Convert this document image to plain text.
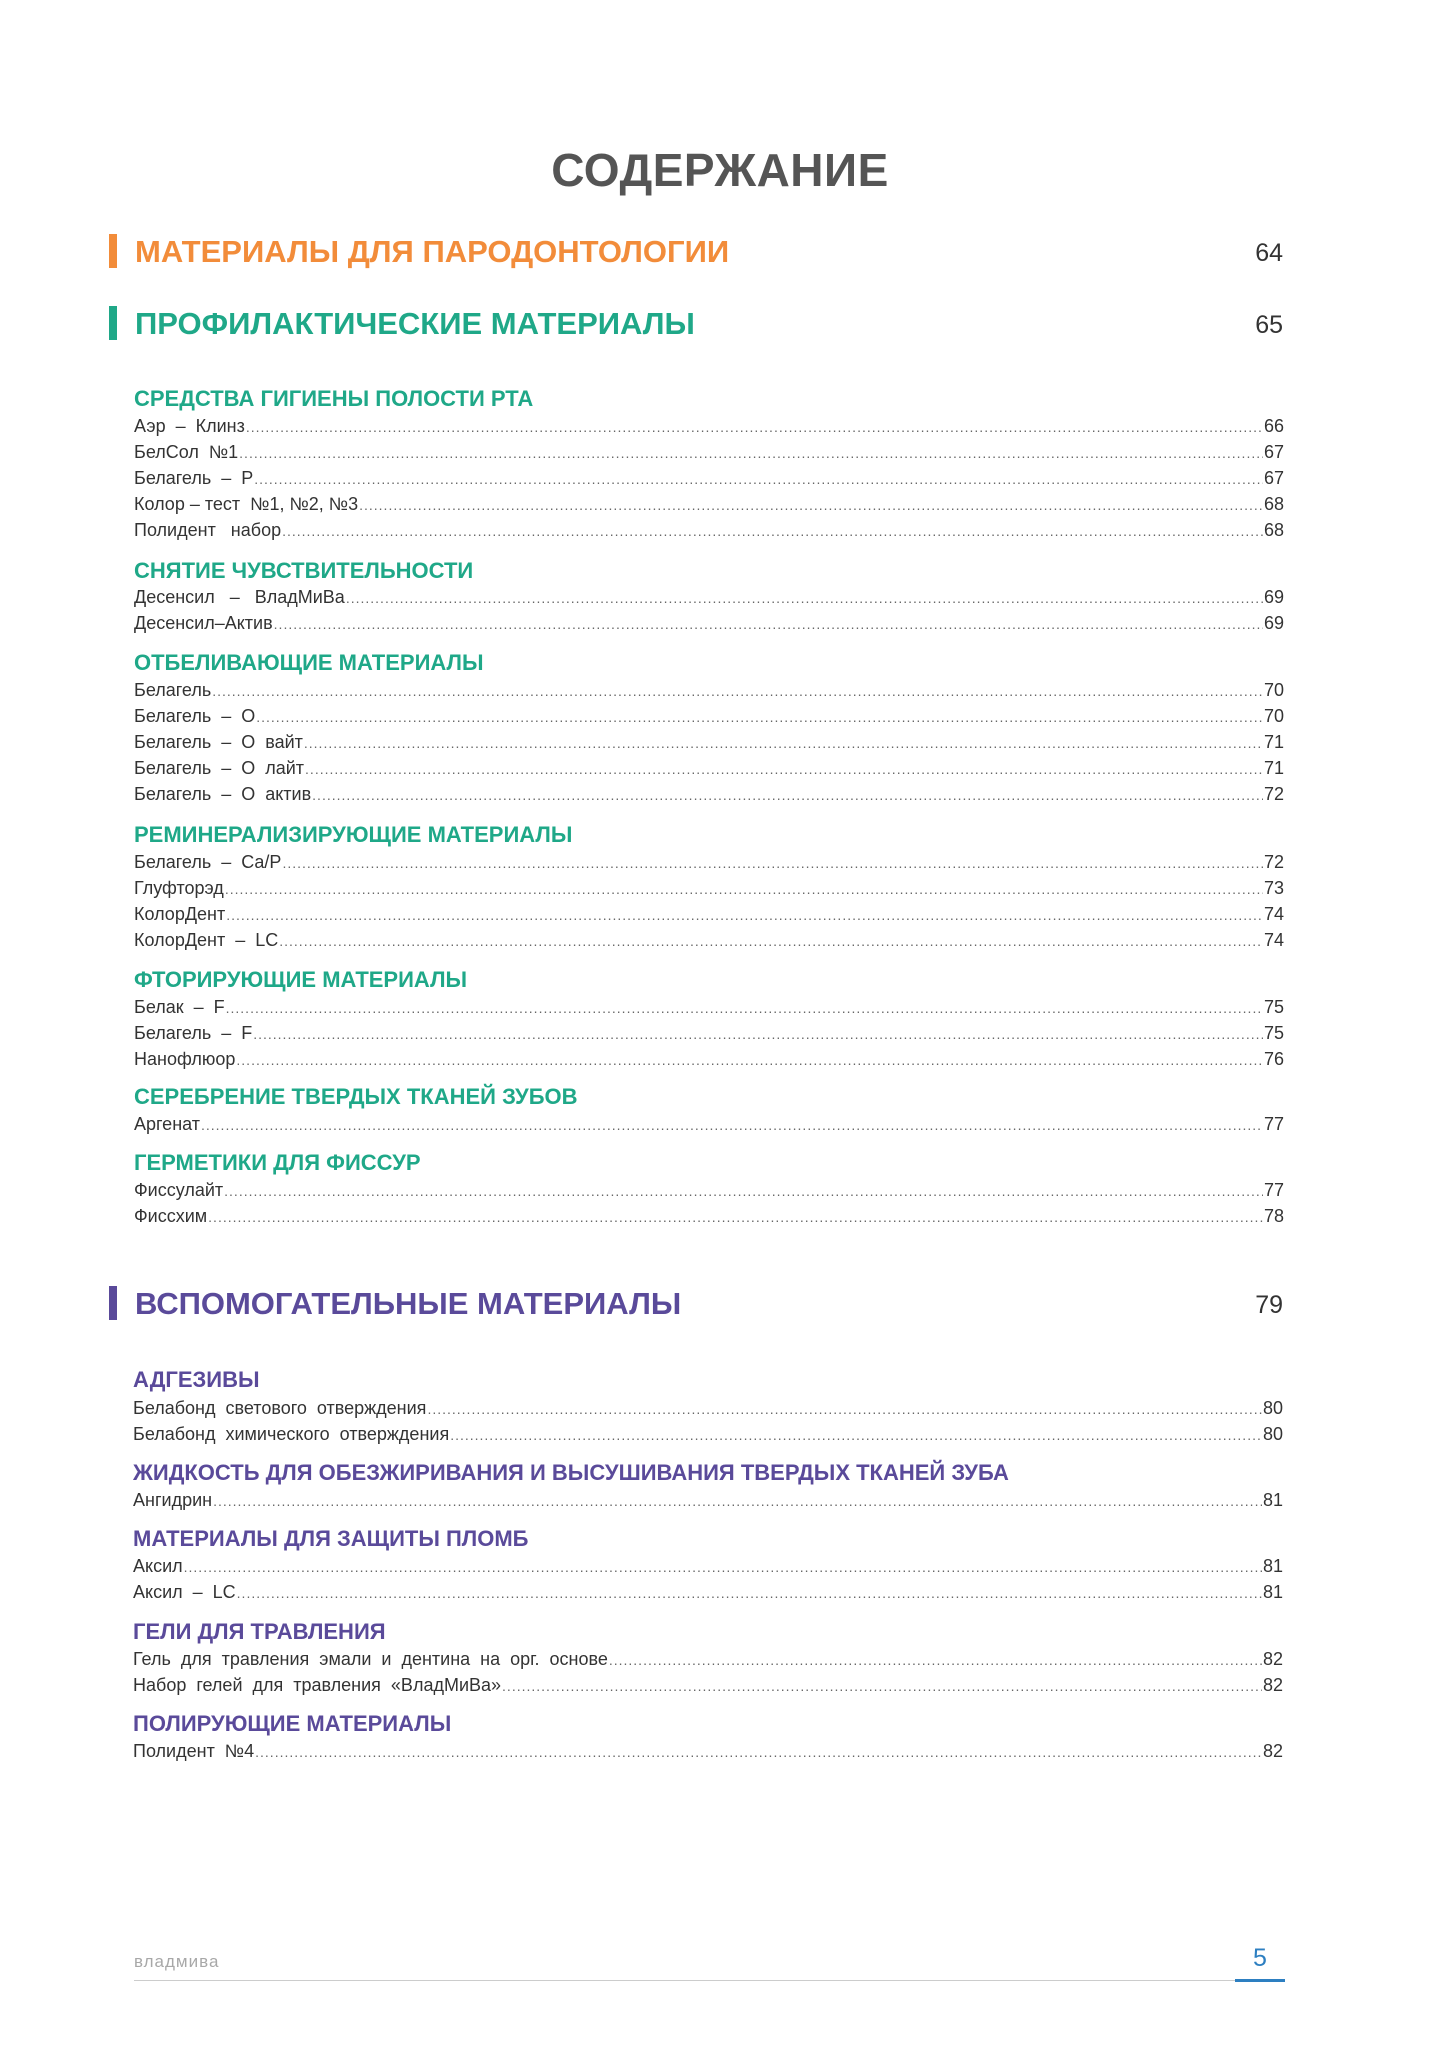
СОДЕРЖАНИЕ
МАТЕРИАЛЫ ДЛЯ ПАРОДОНТОЛОГИИ	64
ПРОФИЛАКТИЧЕСКИЕ МАТЕРИАЛЫ	65
СРЕДСТВА ГИГИЕНЫ ПОЛОСТИ РТА
Аэр  –  Клинз .....	66
БелСол  №1 .....	67
Белагель  –  Р .....	67
Колор – тест  №1, №2, №3 .....	68
Полидент   набор .....	68
СНЯТИЕ ЧУВСТВИТЕЛЬНОСТИ
Десенсил   –   ВладМиВа .....	69
Десенсил–Актив .....	69
ОТБЕЛИВАЮЩИЕ МАТЕРИАЛЫ
Белагель .....	70
Белагель  –  О .....	70
Белагель  –  О  вайт .....	71
Белагель  –  О  лайт .....	71
Белагель  –  О  актив .....	72
РЕМИНЕРАЛИЗИРУЮЩИЕ МАТЕРИАЛЫ
Белагель  –  Са/Р .....	72
Глуфторэд .....	73
КолорДент .....	74
КолорДент  –  LC .....	74
ФТОРИРУЮЩИЕ МАТЕРИАЛЫ
Белак  –  F .....	75
Белагель  –  F .....	75
Нанофлюор .....	76
СЕРЕБРЕНИЕ ТВЕРДЫХ ТКАНЕЙ ЗУБОВ
Аргенат .....	77
ГЕРМЕТИКИ ДЛЯ ФИССУР
Фиссулайт .....	77
Фиссхим .....	78
ВСПОМОГАТЕЛЬНЫЕ МАТЕРИАЛЫ	79
АДГЕЗИВЫ
Белабонд  светового  отверждения .....	80
Белабонд  химического  отверждения .....	80
ЖИДКОСТЬ ДЛЯ ОБЕЗЖИРИВАНИЯ И ВЫСУШИВАНИЯ ТВЕРДЫХ ТКАНЕЙ ЗУБА
Ангидрин .....	81
МАТЕРИАЛЫ ДЛЯ ЗАЩИТЫ ПЛОМБ
Аксил .....	81
Аксил  –  LC .....	81
ГЕЛИ ДЛЯ ТРАВЛЕНИЯ
Гель  для  травления  эмали  и  дентина  на  орг.  основе .....	82
Набор  гелей  для  травления  «ВладМиВа» .....	82
ПОЛИРУЮЩИЕ МАТЕРИАЛЫ
Полидент  №4 .....	82
владмива	5
